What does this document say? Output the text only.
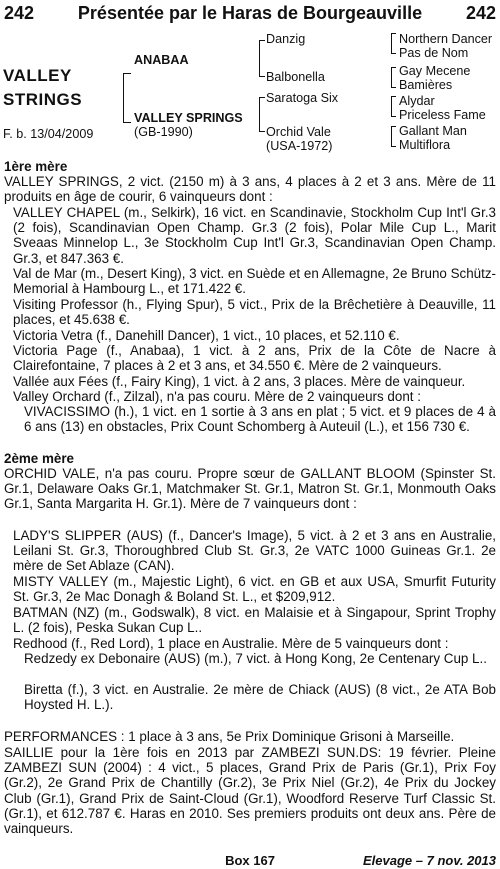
242	Présentée par le Haras de Bourgeauville	242
VALLEY
STRINGS
F. b. 13/04/2009
ANABAA
VALLEY SPRINGS
(GB-1990)
Danzig
Balbonella
Saratoga Six
Orchid Vale
(USA-1972)
Northern Dancer
Pas de Nom
Gay Mecene
Bamières
Alydar
Priceless Fame
Gallant Man
Multiflora
1ère mère
VALLEY SPRINGS, 2 vict. (2150 m) à 3 ans, 4 places à 2 et 3 ans. Mère de 11 produits en âge de courir, 6 vainqueurs dont :
VALLEY CHAPEL (m., Selkirk), 16 vict. en Scandinavie, Stockholm Cup Int'l Gr.3 (2 fois), Scandinavian Open Champ. Gr.3 (2 fois), Polar Mile Cup L., Marit Sveaas Minnelop L., 3e Stockholm Cup Int'l Gr.3, Scandinavian Open Champ. Gr.3, et 847.363 €.
Val de Mar (m., Desert King), 3 vict. en Suède et en Allemagne, 2e Bruno Schütz-Memorial à Hambourg L., et 171.422 €.
Visiting Professor (h., Flying Spur), 5 vict., Prix de la Brêchetière à Deauville, 11 places, et 45.638 €.
Victoria Vetra (f., Danehill Dancer), 1 vict., 10 places, et 52.110 €.
Victoria Page (f., Anabaa), 1 vict. à 2 ans, Prix de la Côte de Nacre à Clairefontaine, 7 places à 2 et 3 ans, et 34.550 €. Mère de 2 vainqueurs.
Vallée aux Fées (f., Fairy King), 1 vict. à 2 ans, 3 places. Mère de vainqueur.
Valley Orchard (f., Zilzal), n'a pas couru. Mère de 2 vainqueurs dont :
VIVACISSIMO (h.), 1 vict. en 1 sortie à 3 ans en plat ; 5 vict. et 9 places de 4 à 6 ans (13) en obstacles, Prix Count Schomberg à Auteuil (L.), et 156 730 €.
2ème mère
ORCHID VALE, n'a pas couru. Propre sœur de GALLANT BLOOM (Spinster St. Gr.1, Delaware Oaks Gr.1, Matchmaker St. Gr.1, Matron St. Gr.1, Monmouth Oaks Gr.1, Santa Margarita H. Gr.1). Mère de 7 vainqueurs dont :
LADY'S SLIPPER (AUS) (f., Dancer's Image), 5 vict. à 2 et 3 ans en Australie, Leilani St. Gr.3, Thoroughbred Club St. Gr.3, 2e VATC 1000 Guineas Gr.1. 2e mère de Set Ablaze (CAN).
MISTY VALLEY (m., Majestic Light), 6 vict. en GB et aux USA, Smurfit Futurity St. Gr.3, 2e Mac Donagh & Boland St. L., et $209,912.
BATMAN (NZ) (m., Godswalk), 8 vict. en Malaisie et à Singapour, Sprint Trophy L. (2 fois), Peska Sukan Cup L..
Redhood (f., Red Lord), 1 place en Australie. Mère de 5 vainqueurs dont :
Redzedy ex Debonaire (AUS) (m.), 7 vict. à Hong Kong, 2e Centenary Cup L..
Biretta (f.), 3 vict. en Australie. 2e mère de Chiack (AUS) (8 vict., 2e ATA Bob Hoysted H. L.).
PERFORMANCES : 1 place à 3 ans, 5e Prix Dominique Grisoni à Marseille.
SAILLIE pour la 1ère fois en 2013 par ZAMBEZI SUN.DS: 19 février. Pleine ZAMBEZI SUN (2004) : 4 vict., 5 places, Grand Prix de Paris (Gr.1), Prix Foy (Gr.2), 2e Grand Prix de Chantilly (Gr.2), 3e Prix Niel (Gr.2), 4e Prix du Jockey Club (Gr.1), Grand Prix de Saint-Cloud (Gr.1), Woodford Reserve Turf Classic St. (Gr.1), et 612.787 €. Haras en 2010. Ses premiers produits ont deux ans. Père de vainqueurs.
Box 167	Elevage – 7 nov. 2013
